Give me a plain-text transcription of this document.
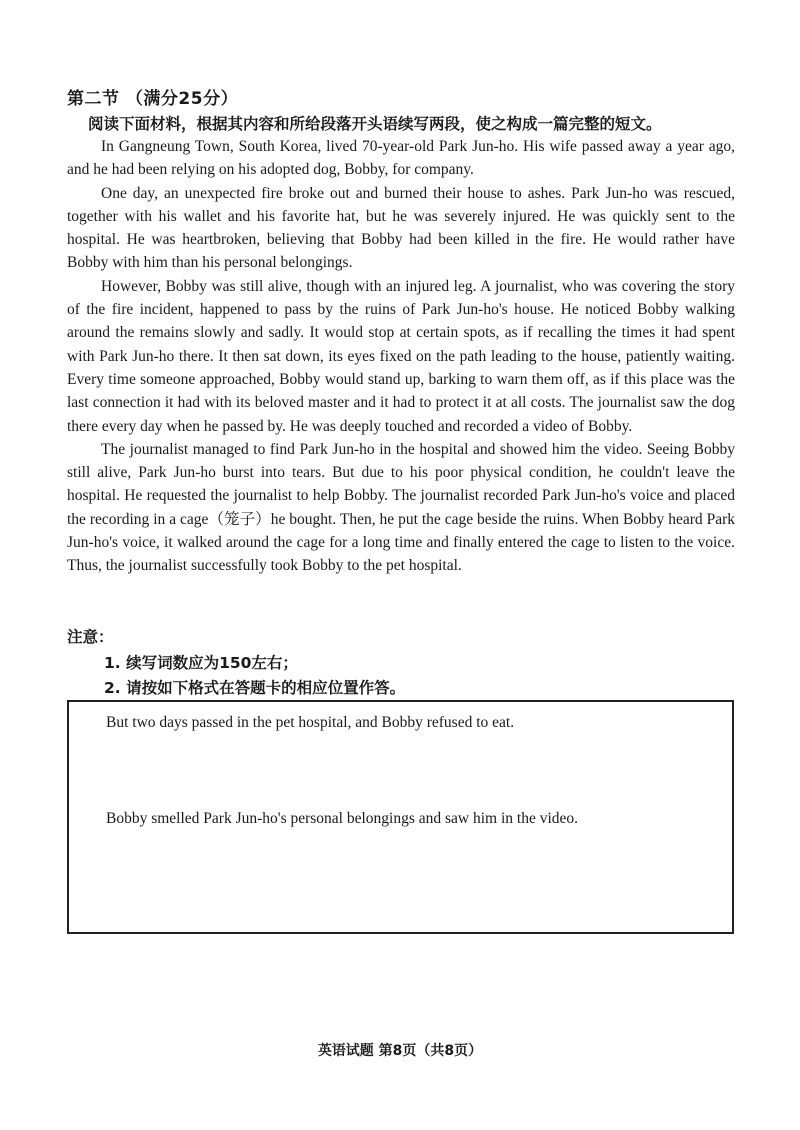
第二节 （满分25分）
阅读下面材料，根据其内容和所给段落开头语续写两段，使之构成一篇完整的短文。

In Gangneung Town, South Korea, lived 70-year-old Park Jun-ho. His wife passed away a year ago, and he had been relying on his adopted dog, Bobby, for company.

One day, an unexpected fire broke out and burned their house to ashes. Park Jun-ho was rescued, together with his wallet and his favorite hat, but he was severely injured. He was quickly sent to the hospital. He was heartbroken, believing that Bobby had been killed in the fire. He would rather have Bobby with him than his personal belongings.

However, Bobby was still alive, though with an injured leg. A journalist, who was covering the story of the fire incident, happened to pass by the ruins of Park Jun-ho's house. He noticed Bobby walking around the remains slowly and sadly. It would stop at certain spots, as if recalling the times it had spent with Park Jun-ho there. It then sat down, its eyes fixed on the path leading to the house, patiently waiting. Every time someone approached, Bobby would stand up, barking to warn them off, as if this place was the last connection it had with its beloved master and it had to protect it at all costs. The journalist saw the dog there every day when he passed by. He was deeply touched and recorded a video of Bobby.

The journalist managed to find Park Jun-ho in the hospital and showed him the video. Seeing Bobby still alive, Park Jun-ho burst into tears. But due to his poor physical condition, he couldn't leave the hospital. He requested the journalist to help Bobby. The journalist recorded Park Jun-ho's voice and placed the recording in a cage（笼子）he bought. Then, he put the cage beside the ruins. When Bobby heard Park Jun-ho's voice, it walked around the cage for a long time and finally entered the cage to listen to the voice. Thus, the journalist successfully took Bobby to the pet hospital.

注意：
1. 续写词数应为150左右；
2. 请按如下格式在答题卡的相应位置作答。
But two days passed in the pet hospital, and Bobby refused to eat.
Bobby smelled Park Jun-ho's personal belongings and saw him in the video.
英语试题 第8页（共8页）
